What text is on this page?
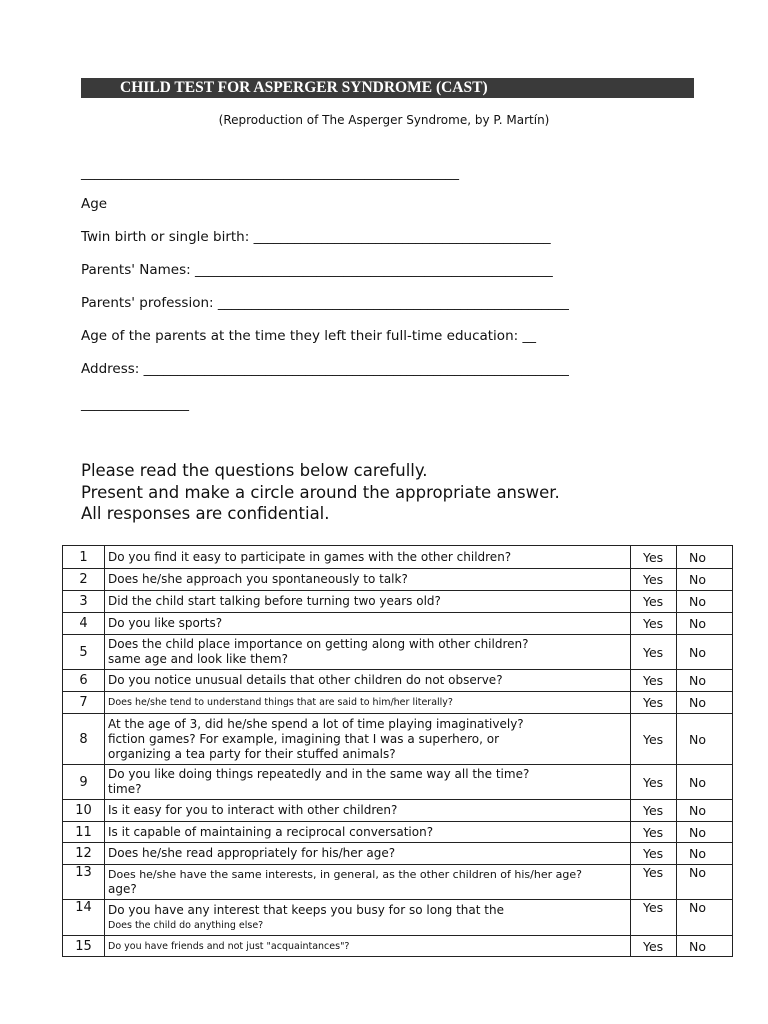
CHILD TEST FOR ASPERGER SYNDROME (CAST)
(Reproduction of The Asperger Syndrome, by P. Martín)
________________________________________________________
Age
Twin birth or single birth: ____________________________________________
Parents' Names: _____________________________________________________
Parents' profession: ____________________________________________________
Age of the parents at the time they left their full-time education: __
Address: _______________________________________________________________
________________
Please read the questions below carefully.
Present and make a circle around the appropriate answer.
All responses are confidential.
1	Do you find it easy to participate in games with the other children?	Yes	No
2	Does he/she approach you spontaneously to talk?	Yes	No
3	Did the child start talking before turning two years old?	Yes	No
4	Do you like sports?	Yes	No
5	Does the child place importance on getting along with other children?
same age and look like them?	Yes	No
6	Do you notice unusual details that other children do not observe?	Yes	No
7	Does he/she tend to understand things that are said to him/her literally?	Yes	No
8	At the age of 3, did he/she spend a lot of time playing imaginatively?
fiction games? For example, imagining that I was a superhero, or
organizing a tea party for their stuffed animals?	Yes	No
9	Do you like doing things repeatedly and in the same way all the time?
time?	Yes	No
10	Is it easy for you to interact with other children?	Yes	No
11	Is it capable of maintaining a reciprocal conversation?	Yes	No
12	Does he/she read appropriately for his/her age?	Yes	No
13	Does he/she have the same interests, in general, as the other children of his/her age?
age?	Yes	No
14	Do you have any interest that keeps you busy for so long that the
Does the child do anything else?	Yes	No
15	Do you have friends and not just "acquaintances"?	Yes	No
